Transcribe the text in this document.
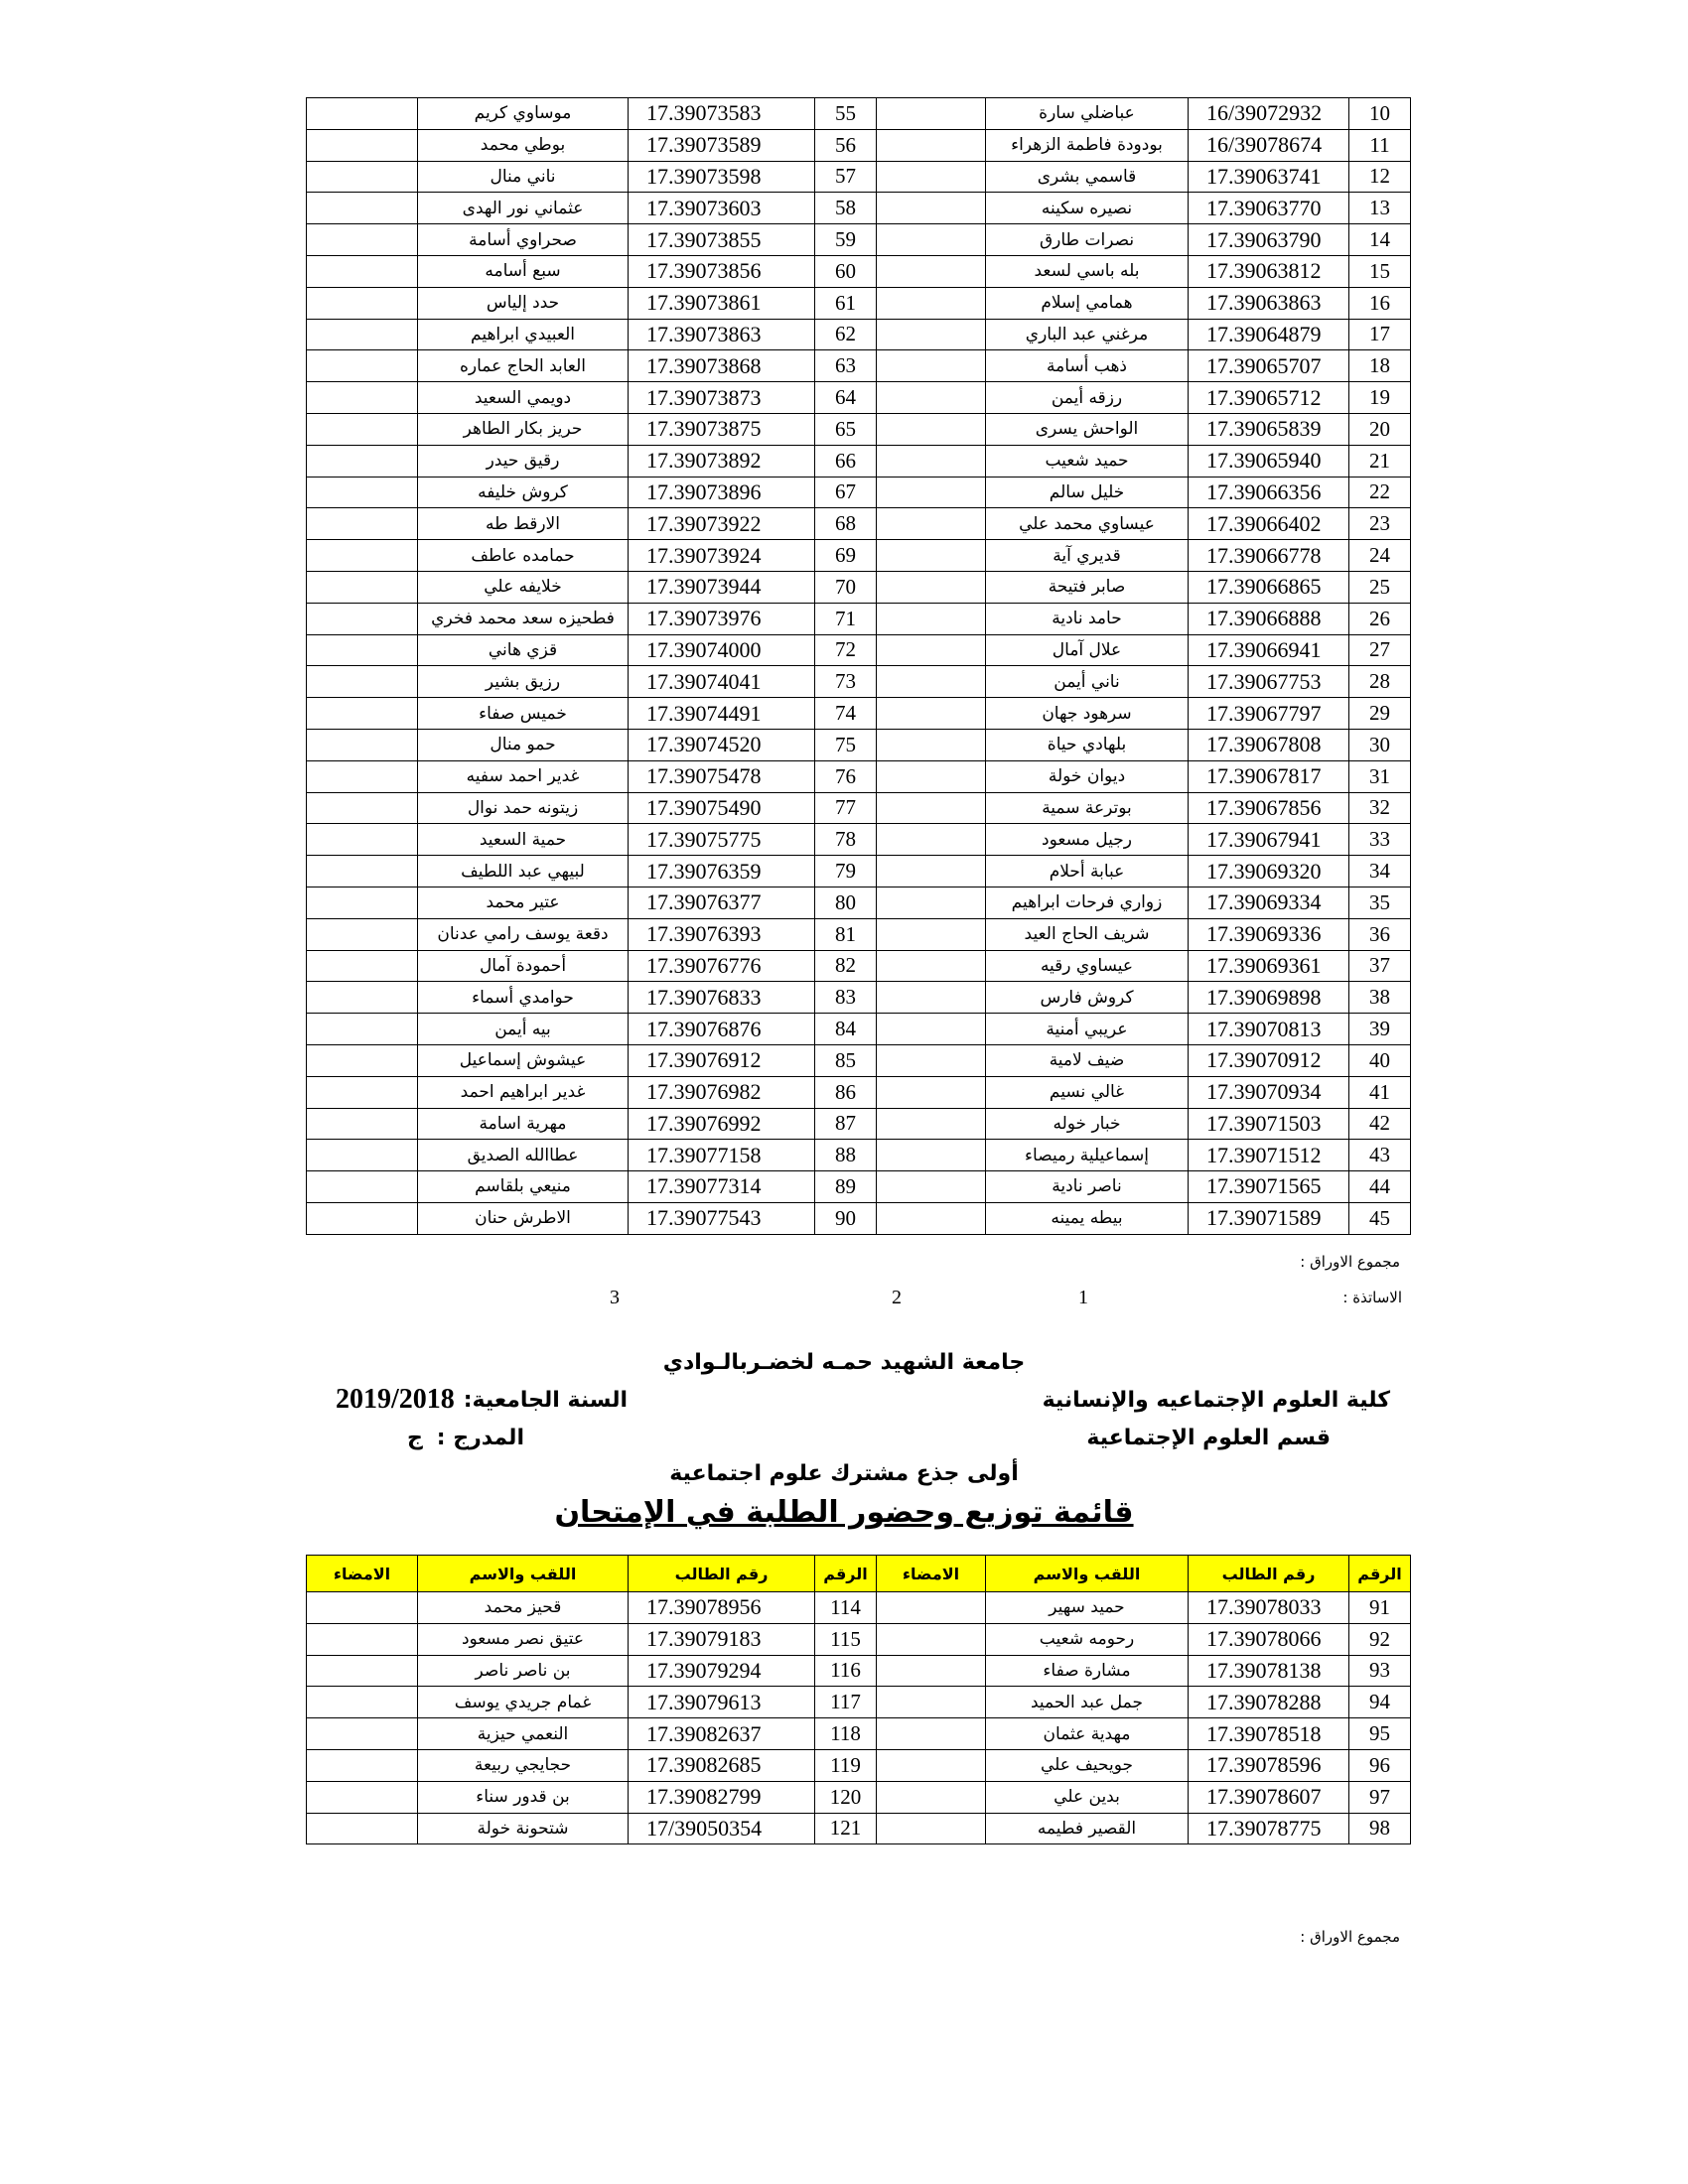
10	16/39072932	عباضلي سارة		55	17.39073583	موساوي كريم	
11	16/39078674	بودودة فاطمة الزهراء		56	17.39073589	بوطي محمد	
12	17.39063741	قاسمي بشرى		57	17.39073598	ناني منال	
13	17.39063770	نصيره سكينه		58	17.39073603	عثماني نور الهدى	
14	17.39063790	نصرات طارق		59	17.39073855	صحراوي أسامة	
15	17.39063812	بله باسي لسعد		60	17.39073856	سبع أسامه	
16	17.39063863	همامي إسلام		61	17.39073861	حدد إلياس	
17	17.39064879	مرغني عبد الباري		62	17.39073863	العبيدي ابراهيم	
18	17.39065707	ذهب أسامة		63	17.39073868	العابد الحاج عماره	
19	17.39065712	رزقه أيمن		64	17.39073873	دويمي السعيد	
20	17.39065839	الواحش يسرى		65	17.39073875	حريز بكار الطاهر	
21	17.39065940	حميد شعيب		66	17.39073892	رقيق حيدر	
22	17.39066356	خليل سالم		67	17.39073896	كروش خليفه	
23	17.39066402	عيساوي محمد علي		68	17.39073922	الارقط طه	
24	17.39066778	قديري آية		69	17.39073924	حمامده عاطف	
25	17.39066865	صابر فتيحة		70	17.39073944	خلايفه علي	
26	17.39066888	حامد نادية		71	17.39073976	فطحيزه سعد محمد فخري	
27	17.39066941	علال آمال		72	17.39074000	قزي هاني	
28	17.39067753	ناني أيمن		73	17.39074041	رزيق بشير	
29	17.39067797	سرهود جهان		74	17.39074491	خميس صفاء	
30	17.39067808	بلهادي حياة		75	17.39074520	حمو منال	
31	17.39067817	ديوان خولة		76	17.39075478	غدير احمد سفيه	
32	17.39067856	بوترعة سمية		77	17.39075490	زيتونه حمد نوال	
33	17.39067941	رجيل مسعود		78	17.39075775	حمية السعيد	
34	17.39069320	عبابة أحلام		79	17.39076359	لبيهي عبد اللطيف	
35	17.39069334	زواري فرحات ابراهيم		80	17.39076377	عتير محمد	
36	17.39069336	شريف الحاج العيد		81	17.39076393	دقعة يوسف رامي عدنان	
37	17.39069361	عيساوي رقيه		82	17.39076776	أحمودة آمال	
38	17.39069898	كروش فارس		83	17.39076833	حوامدي أسماء	
39	17.39070813	عريبي أمنية		84	17.39076876	بيه أيمن	
40	17.39070912	ضيف لامية		85	17.39076912	عيشوش إسماعيل	
41	17.39070934	غالي نسيم		86	17.39076982	غدير ابراهيم احمد	
42	17.39071503	خبار خوله		87	17.39076992	مهرية اسامة	
43	17.39071512	إسماعيلية رميصاء		88	17.39077158	عطاالله الصديق	
44	17.39071565	ناصر نادية		89	17.39077314	منيعي بلقاسم	
45	17.39071589	بيطه يمينه		90	17.39077543	الاطرش حنان	
مجموع الاوراق :
الاساتذة :
1
2
3
جامعة الشهيد حمـه لخضـربالـوادي
كلية العلوم الإجتماعيه والإنسانية
السنة الجامعية:
2019/2018
قسم العلوم الإجتماعية
المدرج :
ج
أولى جذع مشترك علوم اجتماعية
قائمة توزيع وحضور الطلبة في الإمتحان
الرقم	رقم الطالب	اللقب والاسم	الامضاء	الرقم	رقم الطالب	اللقب والاسم	الامضاء
91	17.39078033	حميد سهير		114	17.39078956	قحيز محمد	
92	17.39078066	رحومه شعيب		115	17.39079183	عتيق نصر مسعود	
93	17.39078138	مشارة صفاء		116	17.39079294	بن ناصر ناصر	
94	17.39078288	جمل عبد الحميد		117	17.39079613	غمام جريدي يوسف	
95	17.39078518	مهدية عثمان		118	17.39082637	النعمي حيزية	
96	17.39078596	جويحيف علي		119	17.39082685	حجايجي ربيعة	
97	17.39078607	بدين علي		120	17.39082799	بن قدور سناء	
98	17.39078775	القصير فطيمه		121	17/39050354	شتحونة خولة	
مجموع الاوراق :
